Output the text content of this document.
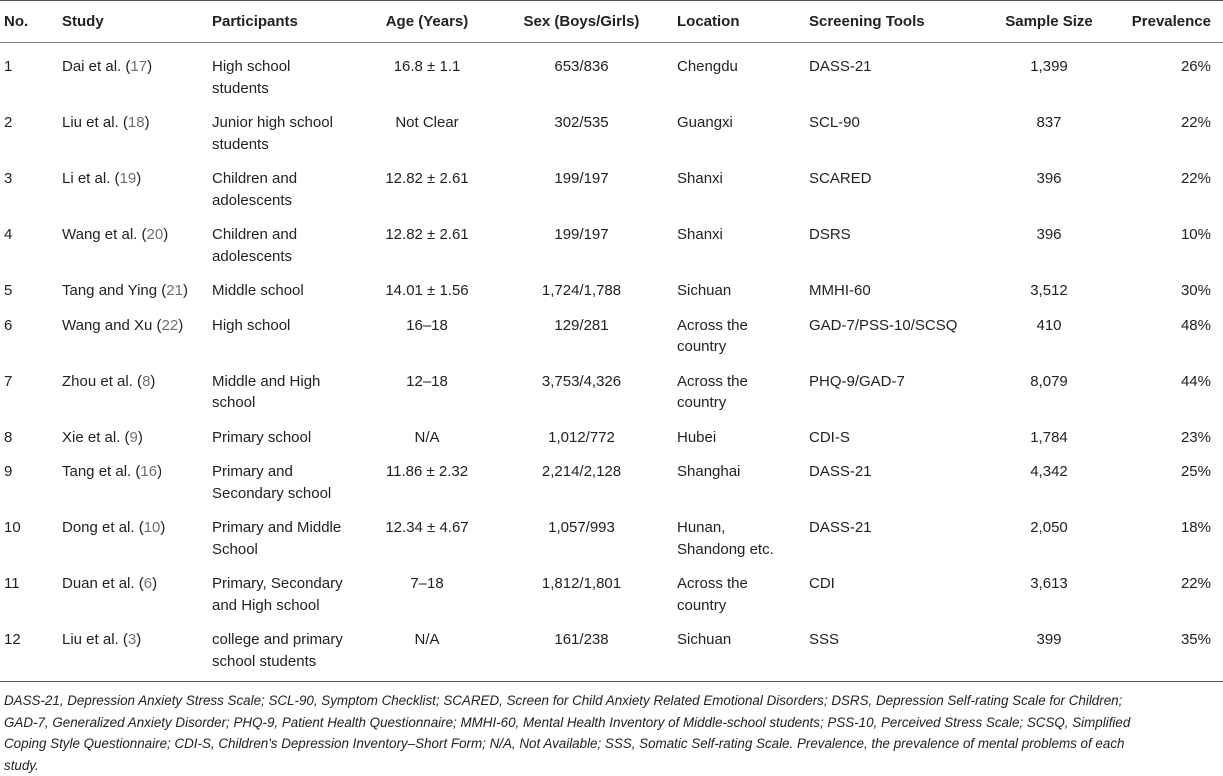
No.	Study	Participants	Age (Years)	Sex (Boys/Girls)	Location	Screening Tools	Sample Size	Prevalence
1	Dai et al. (17)	High school students	16.8 ± 1.1	653/836	Chengdu	DASS-21	1,399	26%
2	Liu et al. (18)	Junior high school students	Not Clear	302/535	Guangxi	SCL-90	837	22%
3	Li et al. (19)	Children and adolescents	12.82 ± 2.61	199/197	Shanxi	SCARED	396	22%
4	Wang et al. (20)	Children and adolescents	12.82 ± 2.61	199/197	Shanxi	DSRS	396	10%
5	Tang and Ying (21)	Middle school	14.01 ± 1.56	1,724/1,788	Sichuan	MMHI-60	3,512	30%
6	Wang and Xu (22)	High school	16–18	129/281	Across the country	GAD-7/PSS-10/SCSQ	410	48%
7	Zhou et al. (8)	Middle and High school	12–18	3,753/4,326	Across the country	PHQ-9/GAD-7	8,079	44%
8	Xie et al. (9)	Primary school	N/A	1,012/772	Hubei	CDI-S	1,784	23%
9	Tang et al. (16)	Primary and Secondary school	11.86 ± 2.32	2,214/2,128	Shanghai	DASS-21	4,342	25%
10	Dong et al. (10)	Primary and Middle School	12.34 ± 4.67	1,057/993	Hunan, Shandong etc.	DASS-21	2,050	18%
11	Duan et al. (6)	Primary, Secondary and High school	7–18	1,812/1,801	Across the country	CDI	3,613	22%
12	Liu et al. (3)	college and primary school students	N/A	161/238	Sichuan	SSS	399	35%
DASS-21, Depression Anxiety Stress Scale; SCL-90, Symptom Checklist; SCARED, Screen for Child Anxiety Related Emotional Disorders; DSRS, Depression Self-rating Scale for Children; GAD-7, Generalized Anxiety Disorder; PHQ-9, Patient Health Questionnaire; MMHI-60, Mental Health Inventory of Middle-school students; PSS-10, Perceived Stress Scale; SCSQ, Simplified Coping Style Questionnaire; CDI-S, Children's Depression Inventory–Short Form; N/A, Not Available; SSS, Somatic Self-rating Scale. Prevalence, the prevalence of mental problems of each study.
